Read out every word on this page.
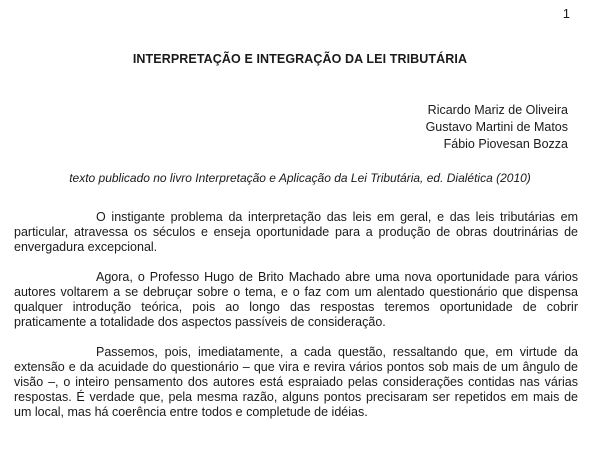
1
INTERPRETAÇÃO E INTEGRAÇÃO DA LEI TRIBUTÁRIA
Ricardo Mariz de Oliveira
Gustavo Martini de Matos
Fábio Piovesan Bozza
texto publicado no livro Interpretação e Aplicação da Lei Tributária, ed. Dialética (2010)

O instigante problema da interpretação das leis em geral, e das leis tributárias em particular, atravessa os séculos e enseja oportunidade para a produção de obras doutrinárias de envergadura excepcional.

Agora, o Professo Hugo de Brito Machado abre uma nova oportunidade para vários autores voltarem a se debruçar sobre o tema, e o faz com um alentado questionário que dispensa qualquer introdução teórica, pois ao longo das respostas teremos oportunidade de cobrir praticamente a totalidade dos aspectos passíveis de consideração.

Passemos, pois, imediatamente, a cada questão, ressaltando que, em virtude da extensão e da acuidade do questionário – que vira e revira vários pontos sob mais de um ângulo de visão –, o inteiro pensamento dos autores está espraiado pelas considerações contidas nas várias respostas. É verdade que, pela mesma razão, alguns pontos precisaram ser repetidos em mais de um local, mas há coerência entre todos e completude de idéias.
